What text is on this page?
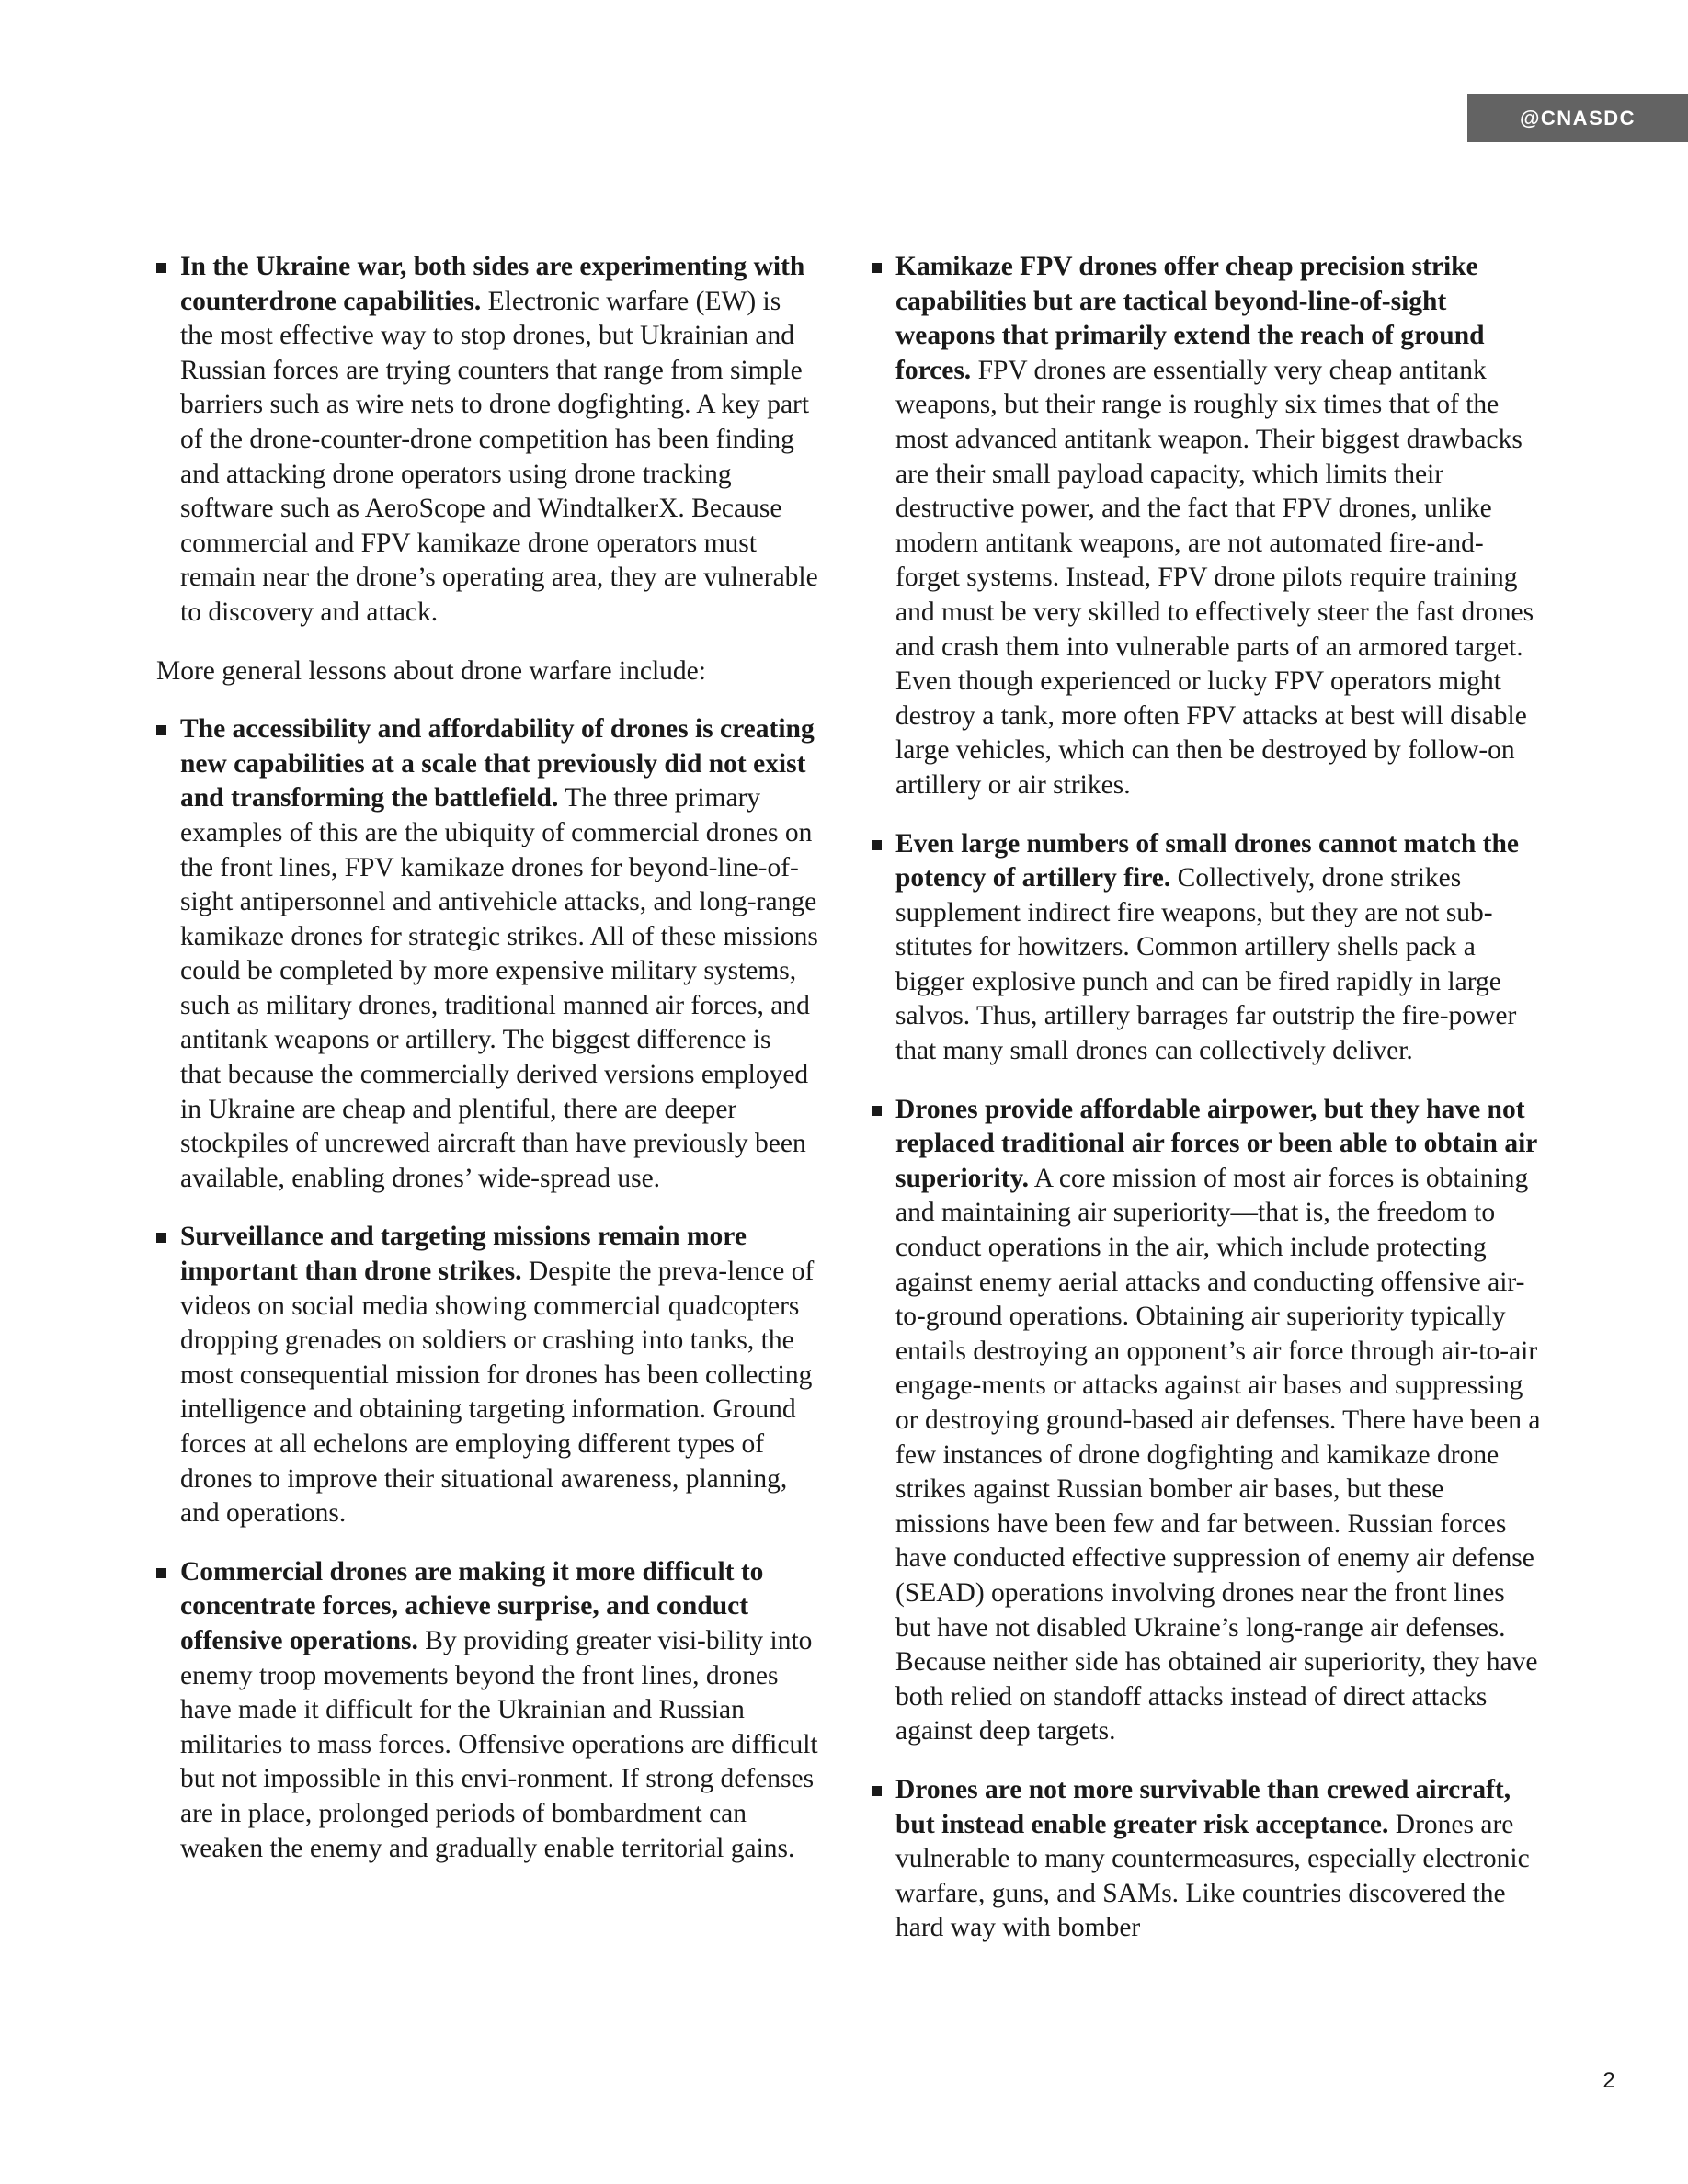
@CNASDC
In the Ukraine war, both sides are experimenting with counterdrone capabilities. Electronic warfare (EW) is the most effective way to stop drones, but Ukrainian and Russian forces are trying counters that range from simple barriers such as wire nets to drone dogfighting. A key part of the drone-counter-drone competition has been finding and attacking drone operators using drone tracking software such as AeroScope and WindtalkerX. Because commercial and FPV kamikaze drone operators must remain near the drone’s operating area, they are vulnerable to discovery and attack.

More general lessons about drone warfare include:

The accessibility and affordability of drones is creating new capabilities at a scale that previously did not exist and transforming the battlefield. The three primary examples of this are the ubiquity of commercial drones on the front lines, FPV kamikaze drones for beyond-line-of-sight antipersonnel and antivehicle attacks, and long-range kamikaze drones for strategic strikes. All of these missions could be completed by more expensive military systems, such as military drones, traditional manned air forces, and antitank weapons or artillery. The biggest difference is that because the commercially derived versions employed in Ukraine are cheap and plentiful, there are deeper stockpiles of uncrewed aircraft than have previously been available, enabling drones’ wide-spread use.
Surveillance and targeting missions remain more important than drone strikes. Despite the preva-lence of videos on social media showing commercial quadcopters dropping grenades on soldiers or crashing into tanks, the most consequential mission for drones has been collecting intelligence and obtaining targeting information. Ground forces at all echelons are employing different types of drones to improve their situational awareness, planning, and operations.
Commercial drones are making it more difficult to concentrate forces, achieve surprise, and conduct offensive operations. By providing greater visi-bility into enemy troop movements beyond the front lines, drones have made it difficult for the Ukrainian and Russian militaries to mass forces. Offensive operations are difficult but not impossible in this envi-ronment. If strong defenses are in place, prolonged periods of bombardment can weaken the enemy and gradually enable territorial gains.
Kamikaze FPV drones offer cheap precision strike capabilities but are tactical beyond-line-of-sight weapons that primarily extend the reach of ground forces. FPV drones are essentially very cheap antitank weapons, but their range is roughly six times that of the most advanced antitank weapon. Their biggest drawbacks are their small payload capacity, which limits their destructive power, and the fact that FPV drones, unlike modern antitank weapons, are not automated fire-and-forget systems. Instead, FPV drone pilots require training and must be very skilled to effectively steer the fast drones and crash them into vulnerable parts of an armored target. Even though experienced or lucky FPV operators might destroy a tank, more often FPV attacks at best will disable large vehicles, which can then be destroyed by follow-on artillery or air strikes.
Even large numbers of small drones cannot match the potency of artillery fire. Collectively, drone strikes supplement indirect fire weapons, but they are not sub-stitutes for howitzers. Common artillery shells pack a bigger explosive punch and can be fired rapidly in large salvos. Thus, artillery barrages far outstrip the fire-power that many small drones can collectively deliver.
Drones provide affordable airpower, but they have not replaced traditional air forces or been able to obtain air superiority. A core mission of most air forces is obtaining and maintaining air superiority—that is, the freedom to conduct operations in the air, which include protecting against enemy aerial attacks and conducting offensive air-to-ground operations. Obtaining air superiority typically entails destroying an opponent’s air force through air-to-air engage-ments or attacks against air bases and suppressing or destroying ground-based air defenses. There have been a few instances of drone dogfighting and kamikaze drone strikes against Russian bomber air bases, but these missions have been few and far between. Russian forces have conducted effective suppression of enemy air defense (SEAD) operations involving drones near the front lines but have not disabled Ukraine’s long-range air defenses. Because neither side has obtained air superiority, they have both relied on standoff attacks instead of direct attacks against deep targets.
Drones are not more survivable than crewed aircraft, but instead enable greater risk acceptance. Drones are vulnerable to many countermeasures, especially electronic warfare, guns, and SAMs. Like countries discovered the hard way with bomber
2
